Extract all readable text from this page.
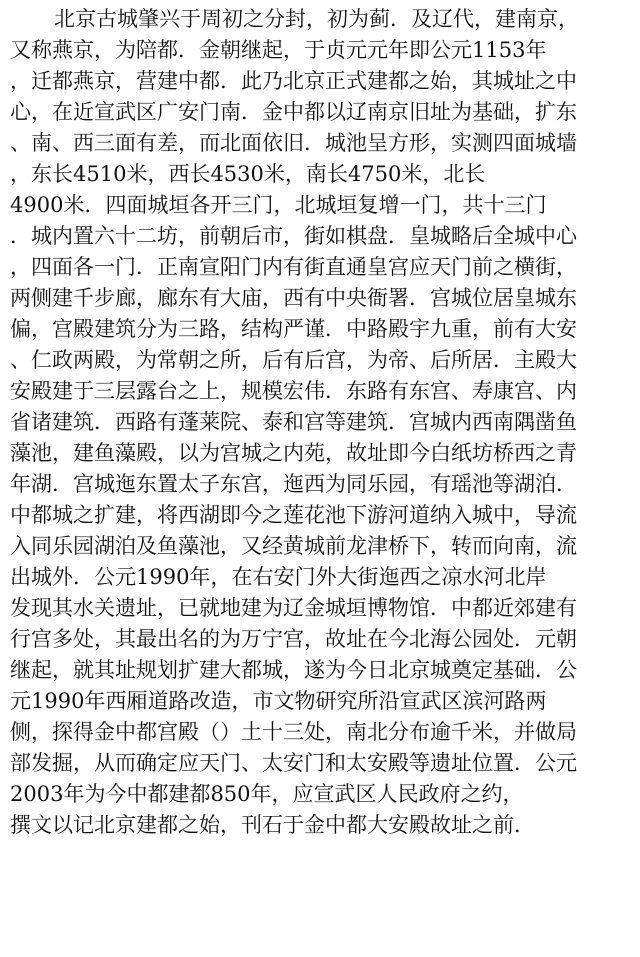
北京古城肇兴于周初之分封，初为蓟．及辽代，建南京，
又称燕京，为陪都．金朝继起，于贞元元年即公元1153年
，迁都燕京，营建中都．此乃北京正式建都之始，其城址之中
心，在近宣武区广安门南．金中都以辽南京旧址为基础，扩东
、南、西三面有差，而北面依旧．城池呈方形，实测四面城墙
，东长4510米，西长4530米，南长4750米，北长
4900米．四面城垣各开三门，北城垣复增一门，共十三门
．城内置六十二坊，前朝后市，街如棋盘．皇城略后全城中心
，四面各一门．正南宣阳门内有街直通皇宫应天门前之横街，
两侧建千步廊，廊东有大庙，西有中央衙署．宫城位居皇城东
偏，宫殿建筑分为三路，结构严谨．中路殿宇九重，前有大安
、仁政两殿，为常朝之所，后有后宫，为帝、后所居．主殿大
安殿建于三层露台之上，规模宏伟．东路有东宫、寿康宫、内
省诸建筑．西路有蓬莱院、泰和宫等建筑．宫城内西南隅凿鱼
藻池，建鱼藻殿，以为宫城之内苑，故址即今白纸坊桥西之青
年湖．宫城迤东置太子东宫，迤西为同乐园，有瑶池等湖泊．
中都城之扩建，将西湖即今之莲花池下游河道纳入城中，导流
入同乐园湖泊及鱼藻池，又经黄城前龙津桥下，转而向南，流
出城外．公元1990年，在右安门外大街迤西之凉水河北岸
发现其水关遗址，已就地建为辽金城垣博物馆．中都近郊建有
行宫多处，其最出名的为万宁宫，故址在今北海公园处．元朝
继起，就其址规划扩建大都城，遂为今日北京城奠定基础．公
元1990年西厢道路改造，市文物研究所沿宣武区滨河路两
侧，探得金中都宫殿（）土十三处，南北分布逾千米，并做局
部发掘，从而确定应天门、太安门和太安殿等遗址位置．公元
2003年为今中都建都850年，应宣武区人民政府之约，
撰文以记北京建都之始，刊石于金中都大安殿故址之前．
